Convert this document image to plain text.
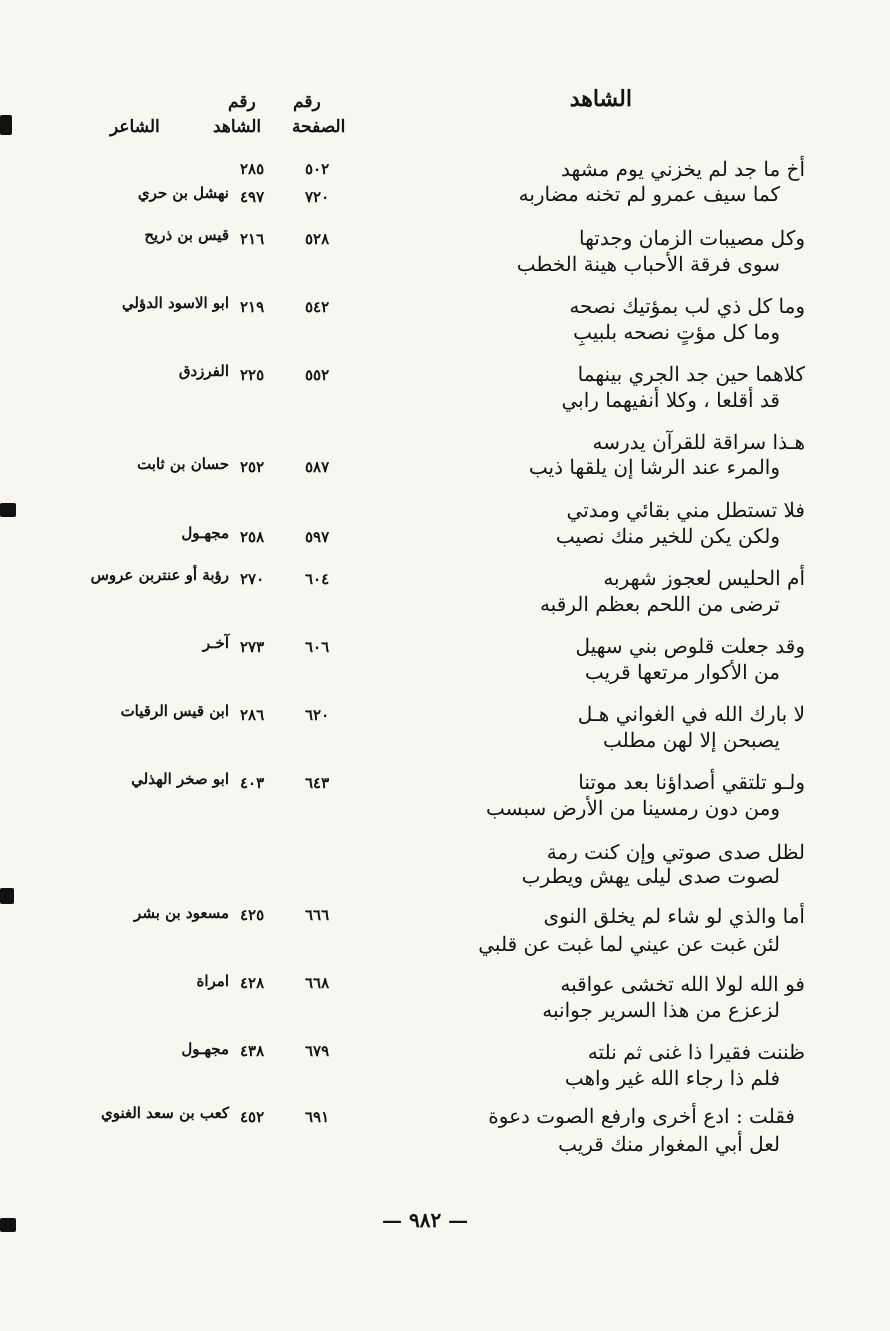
الشاهد
رقم
الصفحة
رقم
الشاهد
الشاعر
٥٠٢
٢٨٥	أخ ما جد لم يخزني يوم مشهد
كما سيف عمرو لم تخنه مضاربه
٧٢٠
٤٩٧
نهشل بن حري
وكل مصيبات الزمان وجدتها
سوى فرقة الأحباب هينة الخطب
٥٢٨
٢١٦
قيس بن ذريح
وما كل ذي لب بمؤتيك نصحه
وما كل مؤتٍ نصحه بلبيبِ
٥٤٢
٢١٩
ابو الاسود الدؤلي
كلاهما حين جد الجري بينهما
قد أقلعا ، وكلا أنفيهما رابي
٥٥٢
٢٢٥
الفرزدق
هـذا سراقة للقرآن يدرسه
والمرء عند الرشا إن يلقها ذيب
٥٨٧
٢٥٢
حسان بن ثابت
فلا تستطل مني بقائي ومدتي
ولكن يكن للخير منك نصيب
٥٩٧
٢٥٨
مجهـول
أم الحليس لعجوز شهربه
ترضى من اللحم بعظم الرقبه
٦٠٤
٢٧٠
رؤبة أو عنتربن عروس
وقد جعلت قلوص بني سهيل
من الأكوار مرتعها قريب
٦٠٦
٢٧٣
آخـر
لا بارك الله في الغواني هـل
يصبحن إلا لهن مطلب
٦٢٠
٢٨٦
ابن قيس الرقيات
ولـو تلتقي أصداؤنا بعد موتنا
ومن دون رمسينا من الأرض سبسب
٦٤٣
٤٠٣
ابو صخر الهذلي
لظل صدى صوتي وإن كنت رمة
لصوت صدى ليلى يهش ويطرب
أما والذي لو شاء لم يخلق النوى
لئن غبت عن عيني لما غبت عن قلبي
٦٦٦
٤٢٥
مسعود بن بشر
فو الله لولا الله تخشى عواقبه
لزعزع من هذا السرير جوانبه
٦٦٨
٤٢٨
امراة
ظننت فقيرا ذا غنى ثم نلته
فلم ذا رجاء الله غير واهب
٦٧٩
٤٣٨
مجهـول
فقلت : ادع أخرى وارفع الصوت دعوة
لعل أبي المغوار منك قريب
٦٩١
٤٥٢
كعب بن سعد الغنوي
— ٩٨٢ —
